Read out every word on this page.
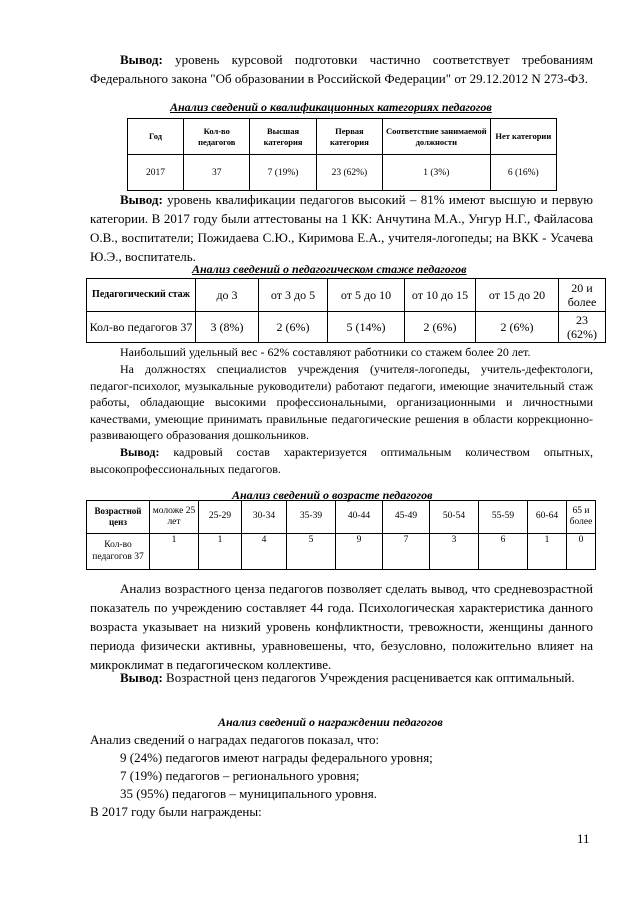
Вывод: уровень курсовой подготовки частично соответствует требованиям Федерального закона "Об образовании в Российской Федерации" от 29.12.2012 N 273-ФЗ.

Анализ сведений о квалификационных категориях педагогов
Год	Кол-во педагогов	Высшая категория	Первая категория	Соответствие занимаемой должности	Нет категории
2017	37	7 (19%)	23 (62%)	1 (3%)	6 (16%)

Вывод: уровень квалификации педагогов высокий – 81% имеют высшую и первую категории. В 2017 году были аттестованы на 1 КК: Анчутина М.А., Унгур Н.Г., Файласова О.В., воспитатели; Пожидаева С.Ю., Киримова Е.А., учителя-логопеды; на ВКК - Усачева Ю.Э., воспитатель.

Анализ сведений о педагогическом стаже педагогов
Педагогический стаж	до 3	от 3 до 5	от 5 до 10	от 10 до 15	от 15 до 20	20 и более
Кол-во педагогов 37	3 (8%)	2 (6%)	5 (14%)	2 (6%)	2 (6%)	23 (62%)

Наибольший удельный вес - 62% составляют работники со стажем более 20 лет.

На должностях специалистов учреждения (учителя-логопеды, учитель-дефектологи, педагог-психолог, музыкальные руководители) работают педагоги, имеющие значительный стаж работы, обладающие высокими профессиональными, организационными и личностными качествами, умеющие принимать правильные педагогические решения в области коррекционно-развивающего образования дошкольников.

Вывод: кадровый состав характеризуется оптимальным количеством опытных, высокопрофессиональных педагогов.

Анализ сведений о возрасте педагогов
Возрастной ценз	моложе 25 лет	25-29	30-34	35-39	40-44	45-49	50-54	55-59	60-64	65 и более
Кол-во педагогов 37	1	1	4	5	9	7	3	6	1	0

Анализ возрастного ценза педагогов позволяет сделать вывод, что средневозрастной показатель по учреждению составляет 44 года. Психологическая характеристика данного возраста указывает на низкий уровень конфликтности, тревожности, женщины данного периода физически активны, уравновешены, что, безусловно, положительно влияет на микроклимат в педагогическом коллективе.

Вывод: Возрастной ценз педагогов Учреждения расценивается как оптимальный.

Анализ сведений о награждении педагогов

Анализ сведений о наградах педагогов показал, что:

9 (24%) педагогов имеют награды федерального уровня;

7 (19%) педагогов – регионального уровня;

35 (95%) педагогов – муниципального уровня.

В 2017 году были награждены:

11
